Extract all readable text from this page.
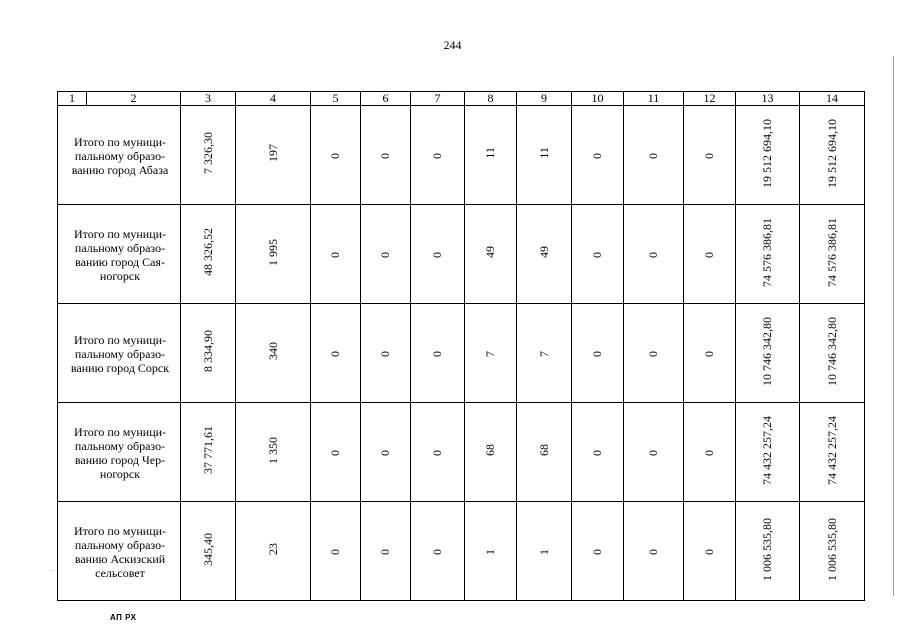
244
1	2	3	4	5	6	7	8	9	10	11	12	13	14
Итого по муници-пальному образо-ванию город Абаза		7 326,30	197	0	0	0	11	11	0	0	0	19 512 694,10	19 512 694,10
Итого по муници-пальному образо-ванию город Сая-ногорск		48 326,52	1 995	0	0	0	49	49	0	0	0	74 576 386,81	74 576 386,81
Итого по муници-пальному образо-ванию город Сорск		8 334,90	340	0	0	0	7	7	0	0	0	10 746 342,80	10 746 342,80
Итого по муници-пальному образо-ванию город Чер-ногорск		37 771,61	1 350	0	0	0	68	68	0	0	0	74 432 257,24	74 432 257,24
Итого по муници-пальному образо-ванию Аскизский сельсовет		345,40	23	0	0	0	1	1	0	0	0	1 006 535,80	1 006 535,80
-
АП РХ
